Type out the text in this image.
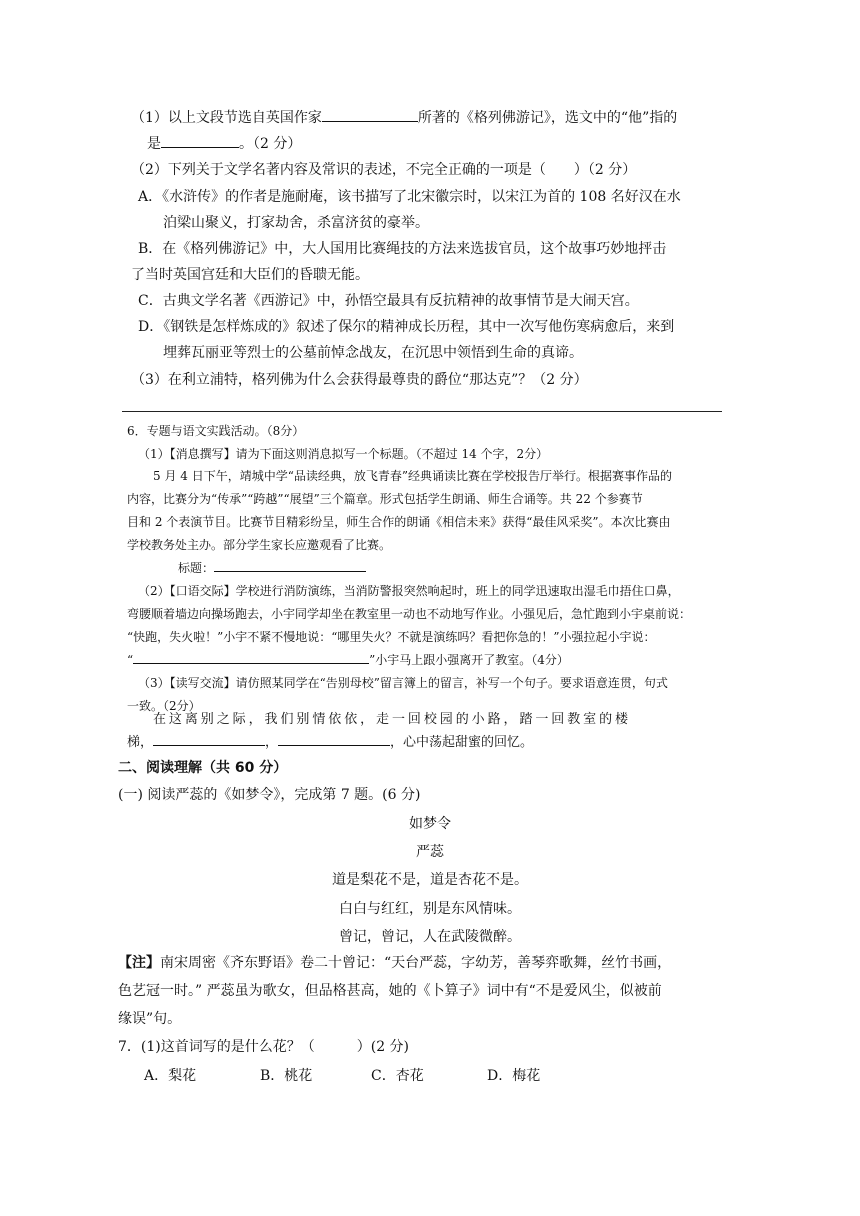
（1）以上文段节选自英国作家	所著的《格列佛游记》，选文中的“他”指的
是	。（2 分）
（2）下列关于文学名著内容及常识的表述，不完全正确的一项是（　　）（2 分）
A．《水浒传》的作者是施耐庵，该书描写了北宋徽宗时，以宋江为首的 108 名好汉在水
泊梁山聚义，打家劫舍，杀富济贫的豪举。
B．在《格列佛游记》中，大人国用比赛绳技的方法来选拔官员，这个故事巧妙地抨击
了当时英国宫廷和大臣们的昏聩无能。
C．古典文学名著《西游记》中，孙悟空最具有反抗精神的故事情节是大闹天宫。
D．《钢铁是怎样炼成的》叙述了保尔的精神成长历程，其中一次写他伤寒病愈后，来到
埋葬瓦丽亚等烈士的公墓前悼念战友，在沉思中领悟到生命的真谛。
（3）在利立浦特，格列佛为什么会获得最尊贵的爵位“那达克”？（2 分）
6．专题与语文实践活动。（8分）
（1）【消息撰写】请为下面这则消息拟写一个标题。（不超过 14 个字，2分）
5 月 4 日下午，靖城中学“品读经典，放飞青春”经典诵读比赛在学校报告厅举行。根据赛事作品的
内容，比赛分为“传承”“跨越”“展望”三个篇章。形式包括学生朗诵、师生合诵等。共 22 个参赛节
目和 2 个表演节目。比赛节目精彩纷呈，师生合作的朗诵《相信未来》获得“最佳风采奖”。本次比赛由
学校教务处主办。部分学生家长应邀观看了比赛。
标题：
（2）【口语交际】学校进行消防演练，当消防警报突然响起时，班上的同学迅速取出湿毛巾捂住口鼻，
弯腰顺着墙边向操场跑去，小宇同学却坐在教室里一动也不动地写作业。小强见后，急忙跑到小宇桌前说：
“快跑，失火啦！”小宇不紧不慢地说：“哪里失火？不就是演练吗？看把你急的！”小强拉起小宇说：
“	”小宇马上跟小强离开了教室。（4分）
（3）【读写交流】请仿照某同学在“告别母校”留言簿上的留言，补写一个句子。要求语意连贯，句式
一致。（2分）
在 这 离 别 之 际 ， 我 们 别 情 依 依 ， 走 一 回 校 园 的 小 路 ， 踏 一 回 教 室 的 楼
梯，	，	，心中荡起甜蜜的回忆。
二、阅读理解（共 60 分）
(一) 阅读严蕊的《如梦令》，完成第 7 题。(6 分)
如梦令
严蕊
道是梨花不是，道是杏花不是。
白白与红红，别是东风情味。
曾记，曾记，人在武陵微醉。
【注】南宋周密《齐东野语》卷二十曾记：“天台严蕊，字幼芳，善琴弈歌舞，丝竹书画，
色艺冠一时。” 严蕊虽为歌女，但品格甚高，她的《卜算子》词中有“不是爱风尘，似被前
缘误”句。
7．(1)这首词写的是什么花？（　　　）(2 分)
A．梨花	B．桃花	C．杏花	D．梅花
